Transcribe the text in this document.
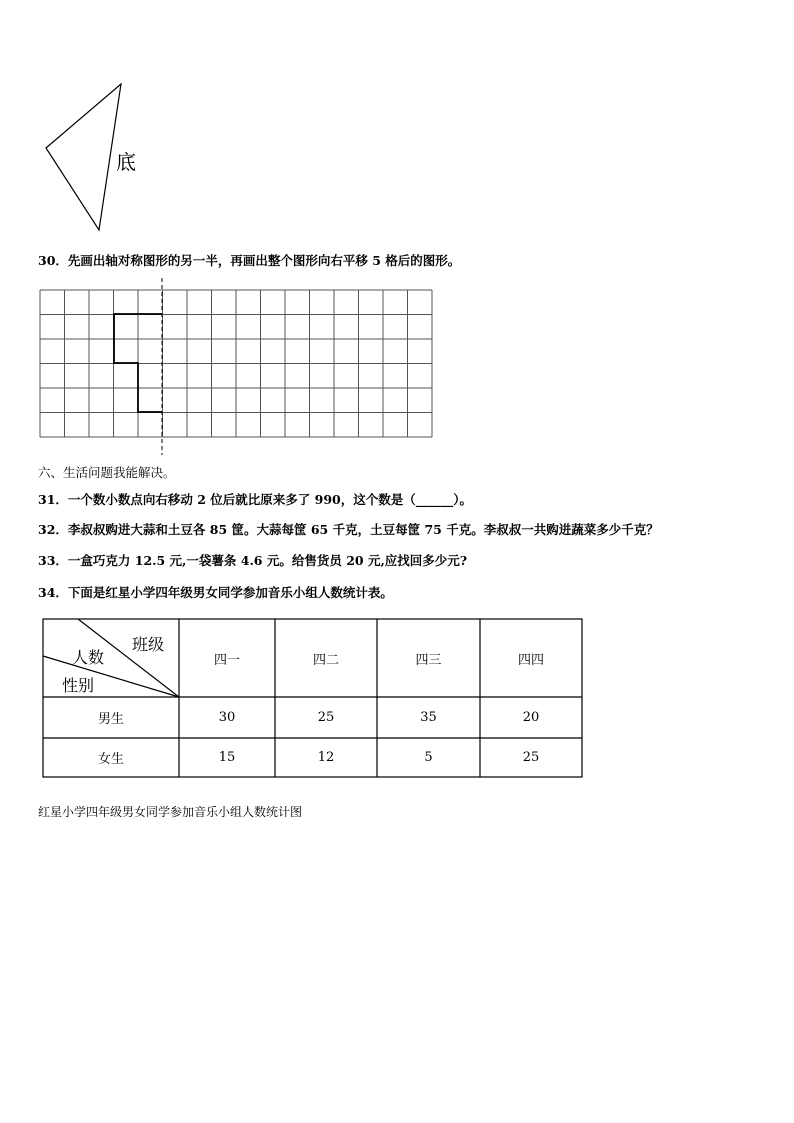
底
30．先画出轴对称图形的另一半，再画出整个图形向右平移 5 格后的图形。
六、生活问题我能解决。
31．一个数小数点向右移动 2 位后就比原来多了 990，这个数是（______）。
32．李叔叔购进大蒜和土豆各 85 筐。大蒜每筐 65 千克，土豆每筐 75 千克。李叔叔一共购进蔬菜多少千克？
33．一盒巧克力 12.5 元,一袋薯条 4.6 元。给售货员 20 元,应找回多少元?
34．下面是红星小学四年级男女同学参加音乐小组人数统计表。
班级
人数
性别
四一	四二	四三	四四
男生	30	25	35	20
女生	15	12	5	25
红星小学四年级男女同学参加音乐小组人数统计图
